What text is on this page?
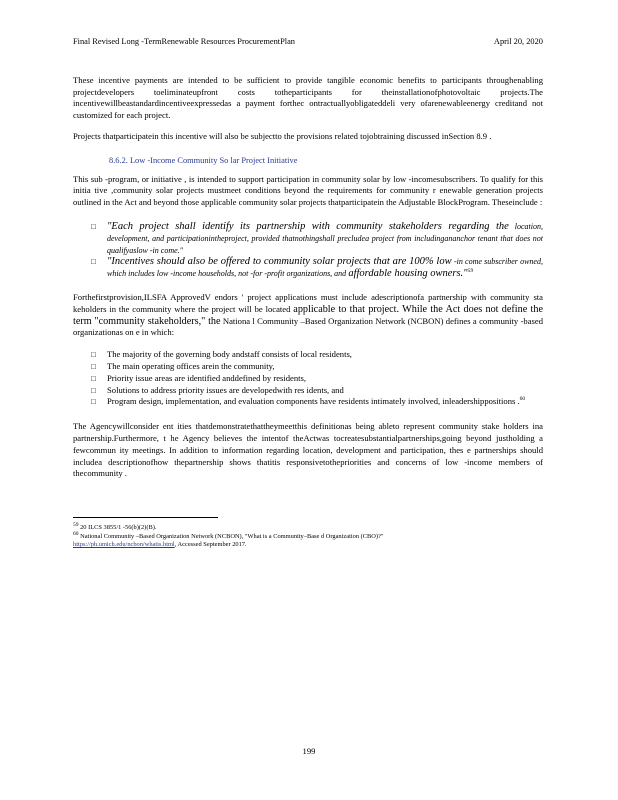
Final Revised Long -TermRenewable Resources ProcurementPlan	April 20, 2020

These incentive payments are intended to be sufficient to provide tangible economic benefits to participants throughenabling projectdevelopers toeliminateupfront costs totheparticipants for theinstallationofphotovoltaic projects.The incentivewillbeastandardincentiveexpressedas a payment forthec ontractuallyobligateddeli very ofarenewableenergy creditand not customized for each project.

Projects thatparticipatein this incentive will also be subjectto the provisions related tojobtraining discussed inSection 8.9 .

8.6.2. Low -Income Community So lar Project Initiative

This sub -program, or initiative , is intended to support participation in community solar by low -incomesubscribers. To qualify for this initia tive ,community solar projects mustmeet conditions beyond the requirements for community r enewable generation projects outlined in the Act and beyond those applicable community solar projects thatparticipatein the Adjustable BlockProgram. Theseinclude :

□ "Each project shall identify its partnership with community stakeholders regarding the location, development, and participationintheproject, provided thatnothingshall precludea project from includingananchor tenant that does not qualifyaslow -in come."
□ "Incentives should also be offered to community solar projects that are 100% low -in come subscriber owned, which includes low -income households, not -for -profit organizations, and affordable housing owners."$^{59}$

Forthefirstprovision,ILSFA ApprovedV endors ' project applications must include adescriptionofa partnership with community sta keholders in the community where the project will be located applicable to that project. While the Act does not define the term "community stakeholders," the Nationa l Community –Based Organization Network (NCBON) defines a community -based organizationas on e in which:

□ The majority of the governing body andstaff consists of local residents,
□ The main operating offices arein the community,
□ Priority issue areas are identified anddefined by residents,
□ Solutions to address priority issues are developedwith res idents, and
□ Program design, implementation, and evaluation components have residents intimately involved, inleadershippositions .$^{60}$

The Agencywillconsider ent ities thatdemonstratethattheymeetthis definitionas being ableto represent community stake holders ina partnership.Furthermore, t he Agency believes the intentof theActwas tocreatesubstantialpartnerships,going beyond justholding a fewcommun ity meetings. In addition to information regarding location, development and participation, thes e partnerships should includea descriptionofhow thepartnership shows thatitis responsivetothepriorities and concerns of low -income members of thecommunity .

$^{59}$ 20 ILCS 3855/1 -56(b)(2)(B).
$^{60}$ National Community –Based Organization Network (NCBON), "What is a Community–Base d Organization (CBO)?"
https://ph.umich.edu/ncbon/whatis.html, Accessed September 2017.
199
